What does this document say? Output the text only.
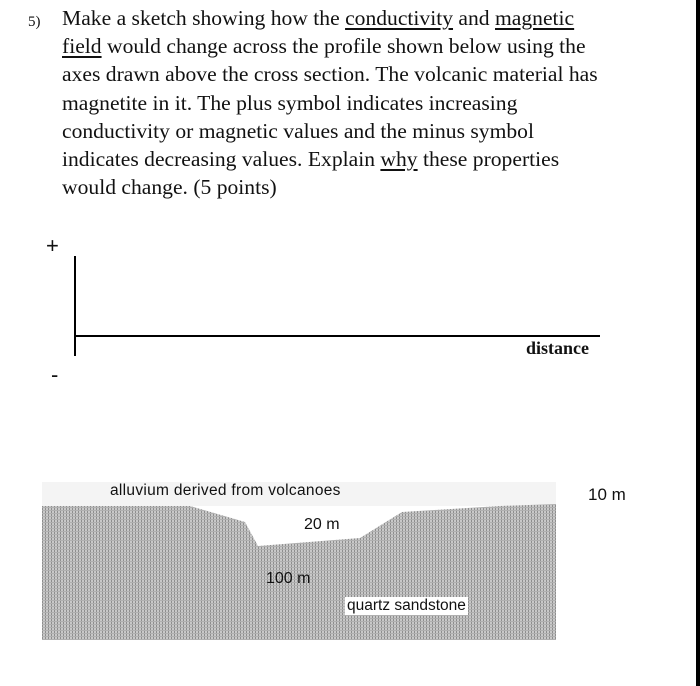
5) Make a sketch showing how the conductivity and magnetic
field would change across the profile shown below using the
axes drawn above the cross section. The volcanic material has
magnetite in it. The plus symbol indicates increasing
conductivity or magnetic values and the minus symbol
indicates decreasing values. Explain why these properties
would change. (5 points)
+
-
distance
alluvium derived from volcanoes	10 m
20 m
100 m
quartz sandstone
